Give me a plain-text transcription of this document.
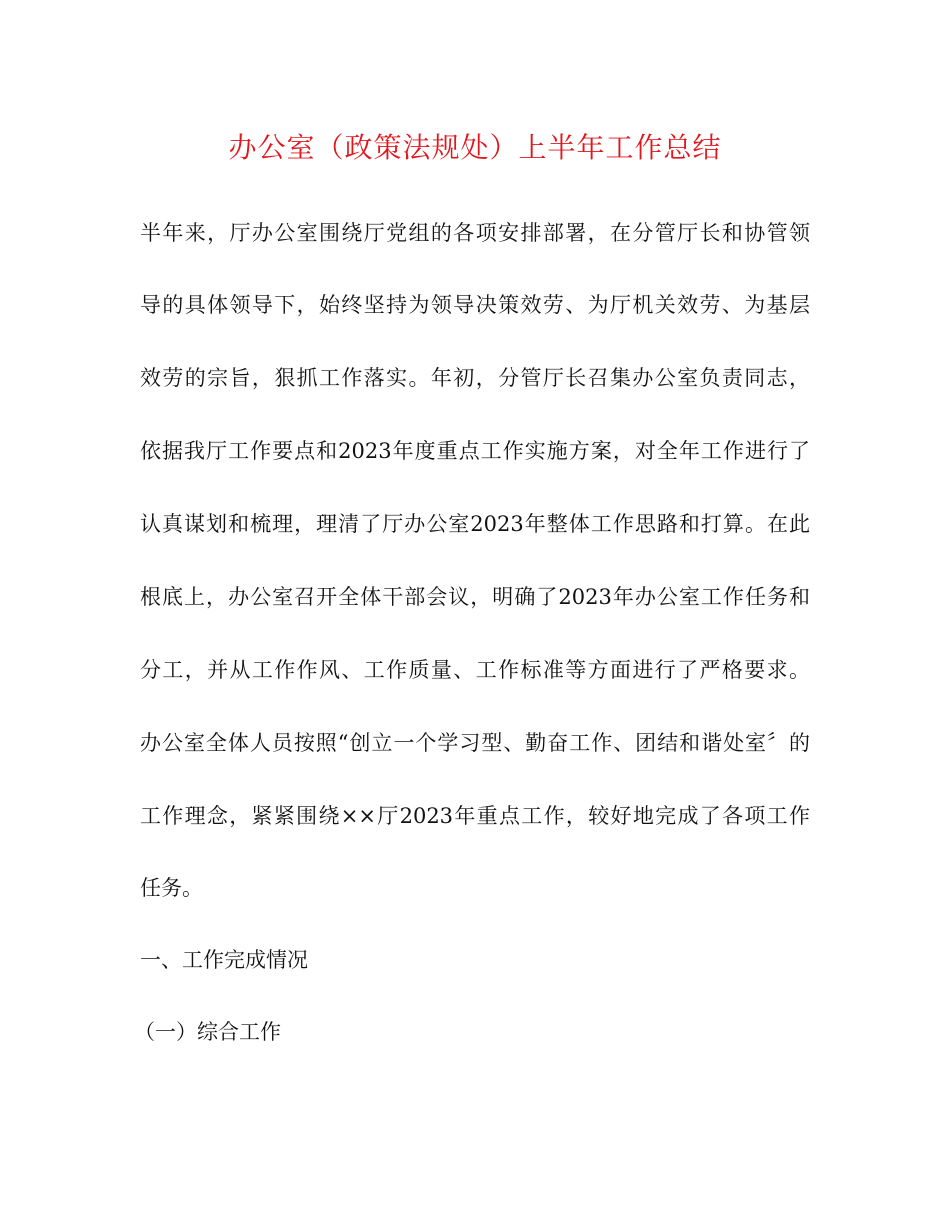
办公室（政策法规处）上半年工作总结
半年来，厅办公室围绕厅党组的各项安排部署，在分管厅长和协管领
导的具体领导下，始终坚持为领导决策效劳、为厅机关效劳、为基层
效劳的宗旨，狠抓工作落实。年初，分管厅长召集办公室负责同志，
依据我厅工作要点和2023年度重点工作实施方案，对全年工作进行了
认真谋划和梳理，理清了厅办公室2023年整体工作思路和打算。在此
根底上，办公室召开全体干部会议，明确了2023年办公室工作任务和
分工，并从工作作风、工作质量、工作标准等方面进行了严格要求。
办公室全体人员按照“创立一个学习型、勤奋工作、团结和谐处室〞的
工作理念，紧紧围绕××厅2023年重点工作，较好地完成了各项工作
任务。
一、工作完成情况
（一）综合工作
